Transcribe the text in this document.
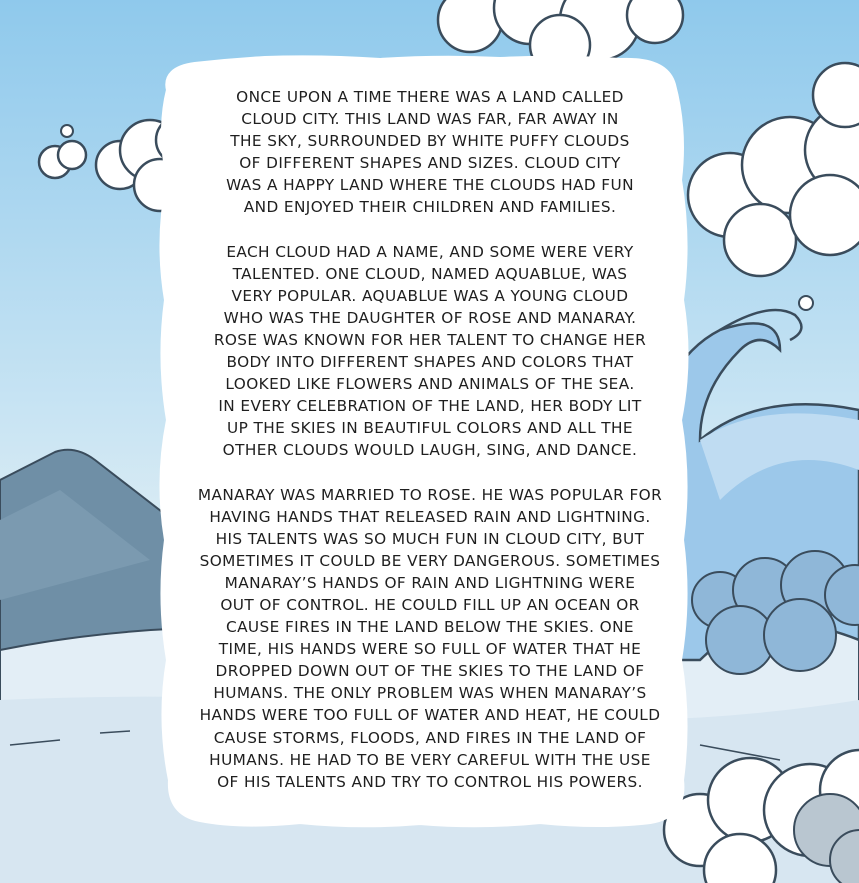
ONCE UPON A TIME THERE WAS A LAND CALLED
CLOUD CITY. THIS LAND WAS FAR, FAR AWAY IN
THE SKY, SURROUNDED BY WHITE PUFFY CLOUDS
OF DIFFERENT SHAPES AND SIZES. CLOUD CITY
WAS A HAPPY LAND WHERE THE CLOUDS HAD FUN
AND ENJOYED THEIR CHILDREN AND FAMILIES.
EACH CLOUD HAD A NAME, AND SOME WERE VERY
TALENTED. ONE CLOUD, NAMED AQUABLUE, WAS
VERY POPULAR. AQUABLUE WAS A YOUNG CLOUD
WHO WAS THE DAUGHTER OF ROSE AND MANARAY.
ROSE WAS KNOWN FOR HER TALENT TO CHANGE HER
BODY INTO DIFFERENT SHAPES AND COLORS THAT
LOOKED LIKE FLOWERS AND ANIMALS OF THE SEA.
IN EVERY CELEBRATION OF THE LAND, HER BODY LIT
UP THE SKIES IN BEAUTIFUL COLORS AND ALL THE
OTHER CLOUDS WOULD LAUGH, SING, AND DANCE.
MANARAY WAS MARRIED TO ROSE. HE WAS POPULAR FOR
HAVING HANDS THAT RELEASED RAIN AND LIGHTNING.
HIS TALENTS WAS SO MUCH FUN IN CLOUD CITY, BUT
SOMETIMES IT COULD BE VERY DANGEROUS. SOMETIMES
MANARAY’S HANDS OF RAIN AND LIGHTNING WERE
OUT OF CONTROL. HE COULD FILL UP AN OCEAN OR
CAUSE FIRES IN THE LAND BELOW THE SKIES. ONE
TIME, HIS HANDS WERE SO FULL OF WATER THAT HE
DROPPED DOWN OUT OF THE SKIES TO THE LAND OF
HUMANS. THE ONLY PROBLEM WAS WHEN MANARAY’S
HANDS WERE TOO FULL OF WATER AND HEAT, HE COULD
CAUSE STORMS, FLOODS, AND FIRES IN THE LAND OF
HUMANS. HE HAD TO BE VERY CAREFUL WITH THE USE
OF HIS TALENTS AND TRY TO CONTROL HIS POWERS.
